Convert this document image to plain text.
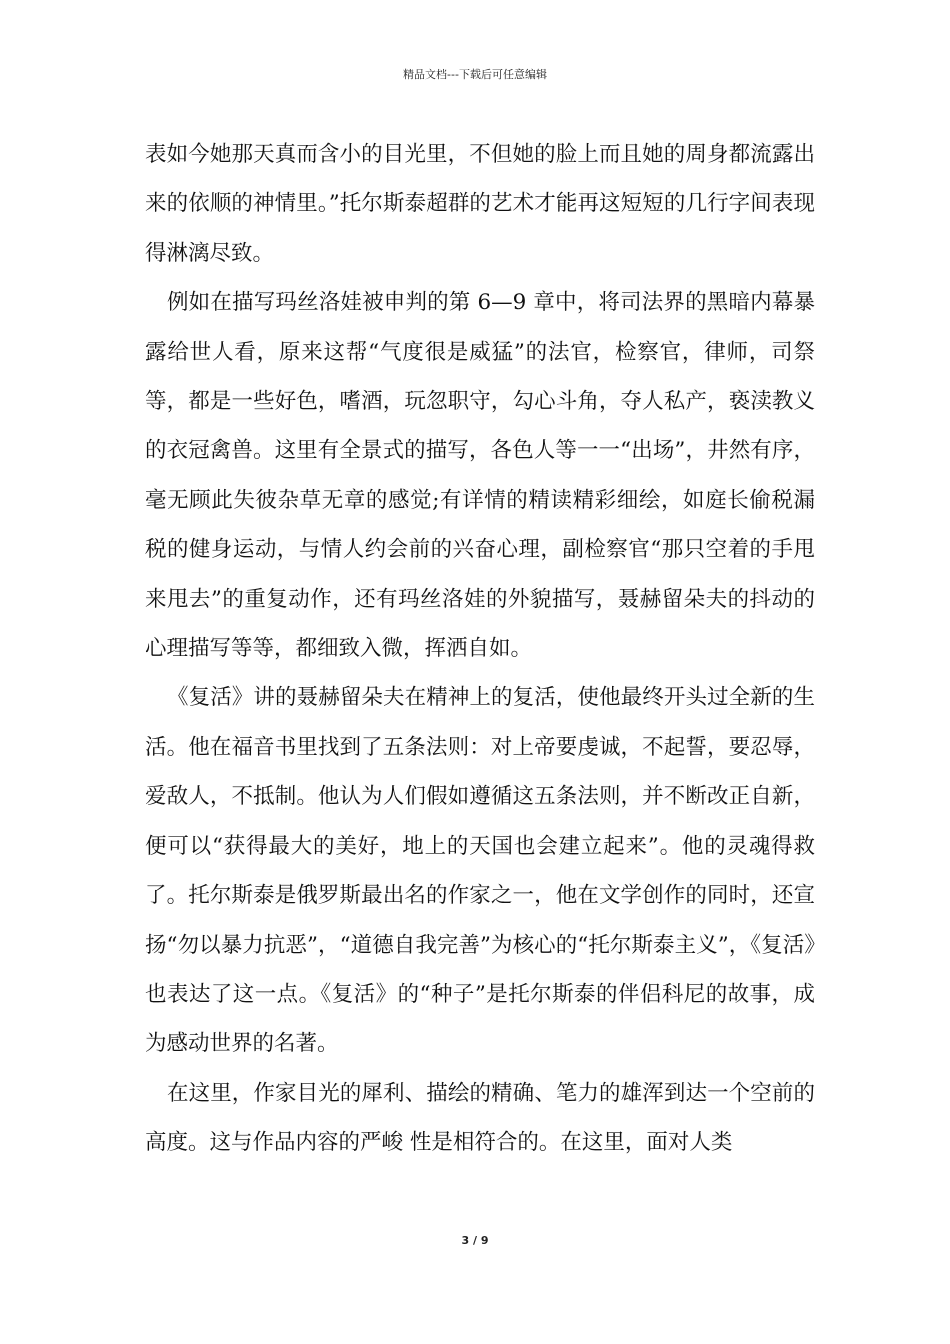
精品文档---下载后可任意编辑

表如今她那天真而含小的目光里，不但她的脸上而且她的周身都流露出来的依顺的神情里。”托尔斯泰超群的艺术才能再这短短的几行字间表现得淋漓尽致。

例如在描写玛丝洛娃被申判的第 6—9 章中，将司法界的黑暗内幕暴露给世人看，原来这帮“气度很是威猛”的法官，检察官，律师，司祭等，都是一些好色，嗜酒，玩忽职守，勾心斗角，夺人私产，亵渎教义的衣冠禽兽。这里有全景式的描写，各色人等一一“出场”，井然有序，毫无顾此失彼杂草无章的感觉;有详情的精读精彩细绘，如庭长偷税漏税的健身运动，与情人约会前的兴奋心理，副检察官“那只空着的手甩来甩去”的重复动作，还有玛丝洛娃的外貌描写，聂赫留朵夫的抖动的心理描写等等，都细致入微，挥洒自如。

《复活》讲的聂赫留朵夫在精神上的复活，使他最终开头过全新的生活。他在福音书里找到了五条法则：对上帝要虔诚，不起誓，要忍辱，爱敌人，不抵制。他认为人们假如遵循这五条法则，并不断改正自新，便可以“获得最大的美好，地上的天国也会建立起来”。他的灵魂得救了。托尔斯泰是俄罗斯最出名的作家之一，他在文学创作的同时，还宣扬“勿以暴力抗恶”，“道德自我完善”为核心的“托尔斯泰主义”，《复活》也表达了这一点。《复活》的“种子”是托尔斯泰的伴侣科尼的故事，成为感动世界的名著。

在这里，作家目光的犀利、描绘的精确、笔力的雄浑到达一个空前的高度。这与作品内容的严峻 性是相符合的。在这里，面对人类

3 / 9
